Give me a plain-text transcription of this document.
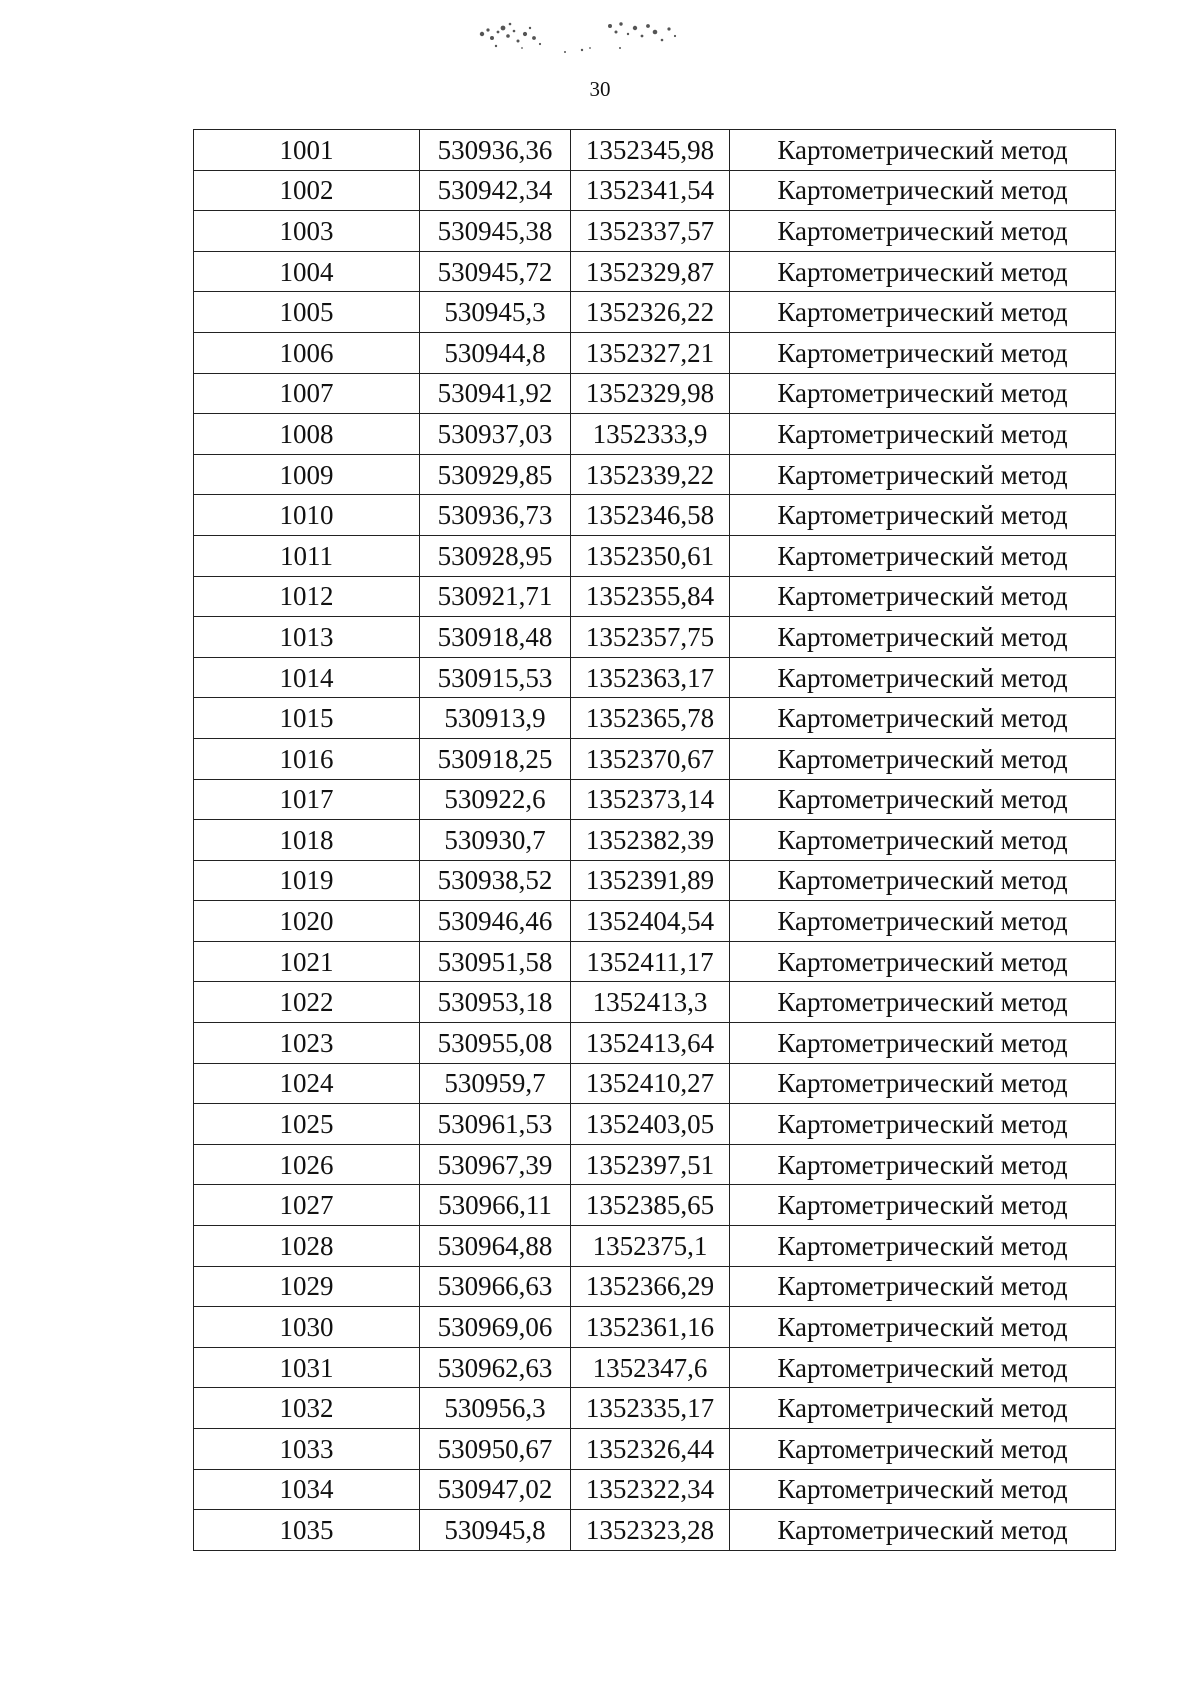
30
1001	530936,36	1352345,98	Картометрический метод
1002	530942,34	1352341,54	Картометрический метод
1003	530945,38	1352337,57	Картометрический метод
1004	530945,72	1352329,87	Картометрический метод
1005	530945,3	1352326,22	Картометрический метод
1006	530944,8	1352327,21	Картометрический метод
1007	530941,92	1352329,98	Картометрический метод
1008	530937,03	1352333,9	Картометрический метод
1009	530929,85	1352339,22	Картометрический метод
1010	530936,73	1352346,58	Картометрический метод
1011	530928,95	1352350,61	Картометрический метод
1012	530921,71	1352355,84	Картометрический метод
1013	530918,48	1352357,75	Картометрический метод
1014	530915,53	1352363,17	Картометрический метод
1015	530913,9	1352365,78	Картометрический метод
1016	530918,25	1352370,67	Картометрический метод
1017	530922,6	1352373,14	Картометрический метод
1018	530930,7	1352382,39	Картометрический метод
1019	530938,52	1352391,89	Картометрический метод
1020	530946,46	1352404,54	Картометрический метод
1021	530951,58	1352411,17	Картометрический метод
1022	530953,18	1352413,3	Картометрический метод
1023	530955,08	1352413,64	Картометрический метод
1024	530959,7	1352410,27	Картометрический метод
1025	530961,53	1352403,05	Картометрический метод
1026	530967,39	1352397,51	Картометрический метод
1027	530966,11	1352385,65	Картометрический метод
1028	530964,88	1352375,1	Картометрический метод
1029	530966,63	1352366,29	Картометрический метод
1030	530969,06	1352361,16	Картометрический метод
1031	530962,63	1352347,6	Картометрический метод
1032	530956,3	1352335,17	Картометрический метод
1033	530950,67	1352326,44	Картометрический метод
1034	530947,02	1352322,34	Картометрический метод
1035	530945,8	1352323,28	Картометрический метод
